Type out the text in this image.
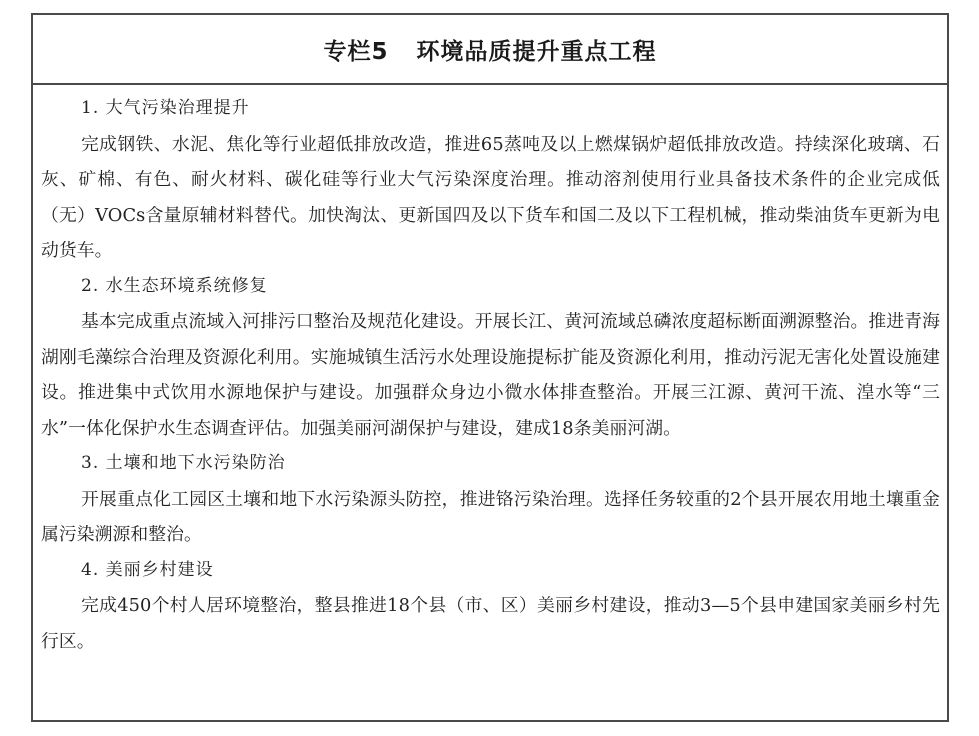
专栏5 环境品质提升重点工程
1. 大气污染治理提升

完成钢铁、水泥、焦化等行业超低排放改造，推进65蒸吨及以上燃煤锅炉超低排放改造。持续深化玻璃、石灰、矿棉、有色、耐火材料、碳化硅等行业大气污染深度治理。推动溶剂使用行业具备技术条件的企业完成低（无）VOCs含量原辅材料替代。加快淘汰、更新国四及以下货车和国二及以下工程机械，推动柴油货车更新为电动货车。

2. 水生态环境系统修复

基本完成重点流域入河排污口整治及规范化建设。开展长江、黄河流域总磷浓度超标断面溯源整治。推进青海湖刚毛藻综合治理及资源化利用。实施城镇生活污水处理设施提标扩能及资源化利用，推动污泥无害化处置设施建设。推进集中式饮用水源地保护与建设。加强群众身边小微水体排查整治。开展三江源、黄河干流、湟水等“三水”一体化保护水生态调查评估。加强美丽河湖保护与建设，建成18条美丽河湖。

3. 土壤和地下水污染防治

开展重点化工园区土壤和地下水污染源头防控，推进铬污染治理。选择任务较重的2个县开展农用地土壤重金属污染溯源和整治。

4. 美丽乡村建设

完成450个村人居环境整治，整县推进18个县（市、区）美丽乡村建设，推动3—5个县申建国家美丽乡村先行区。
